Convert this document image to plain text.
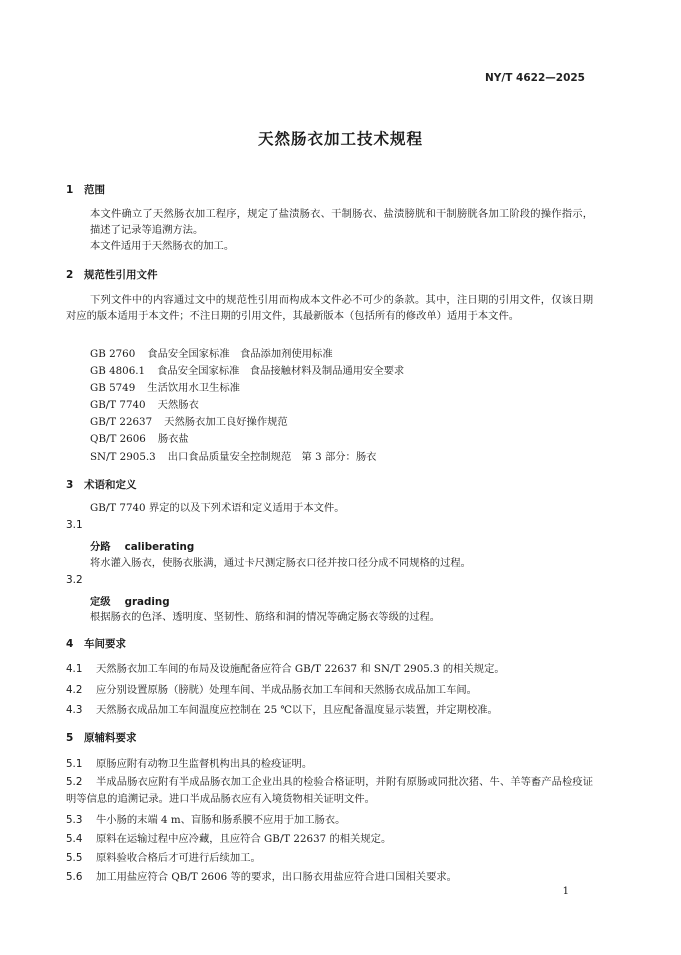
NY/T 4622—2025
天然肠衣加工技术规程
1 范围
本文件确立了天然肠衣加工程序，规定了盐渍肠衣、干制肠衣、盐渍膀胱和干制膀胱各加工阶段的操作指示，描述了记录等追溯方法。
本文件适用于天然肠衣的加工。
2 规范性引用文件
下列文件中的内容通过文中的规范性引用而构成本文件必不可少的条款。其中，注日期的引用文件，仅该日期对应的版本适用于本文件；不注日期的引用文件，其最新版本（包括所有的修改单）适用于本文件。
GB 2760 食品安全国家标准　食品添加剂使用标准
GB 4806.1 食品安全国家标准　食品接触材料及制品通用安全要求
GB 5749 生活饮用水卫生标准
GB/T 7740 天然肠衣
GB/T 22637 天然肠衣加工良好操作规范
QB/T 2606 肠衣盐
SN/T 2905.3 出口食品质量安全控制规范　第 3 部分：肠衣
3 术语和定义
GB/T 7740 界定的以及下列术语和定义适用于本文件。
3.1
分路 caliberating
将水灌入肠衣，使肠衣胀满，通过卡尺测定肠衣口径并按口径分成不同规格的过程。
3.2
定级 grading
根据肠衣的色泽、透明度、坚韧性、筋络和洞的情况等确定肠衣等级的过程。
4 车间要求
4.1 天然肠衣加工车间的布局及设施配备应符合 GB/T 22637 和 SN/T 2905.3 的相关规定。
4.2 应分别设置原肠（膀胱）处理车间、半成品肠衣加工车间和天然肠衣成品加工车间。
4.3 天然肠衣成品加工车间温度应控制在 25 ℃以下，且应配备温度显示装置，并定期校准。
5 原辅料要求
5.1 原肠应附有动物卫生监督机构出具的检疫证明。
5.2 半成品肠衣应附有半成品肠衣加工企业出具的检验合格证明，并附有原肠或同批次猪、牛、羊等畜产品检疫证明等信息的追溯记录。进口半成品肠衣应有入境货物相关证明文件。
5.3 牛小肠的末端 4 m、盲肠和肠系膜不应用于加工肠衣。
5.4 原料在运输过程中应冷藏，且应符合 GB/T 22637 的相关规定。
5.5 原料验收合格后才可进行后续加工。
5.6 加工用盐应符合 QB/T 2606 等的要求，出口肠衣用盐应符合进口国相关要求。
1
